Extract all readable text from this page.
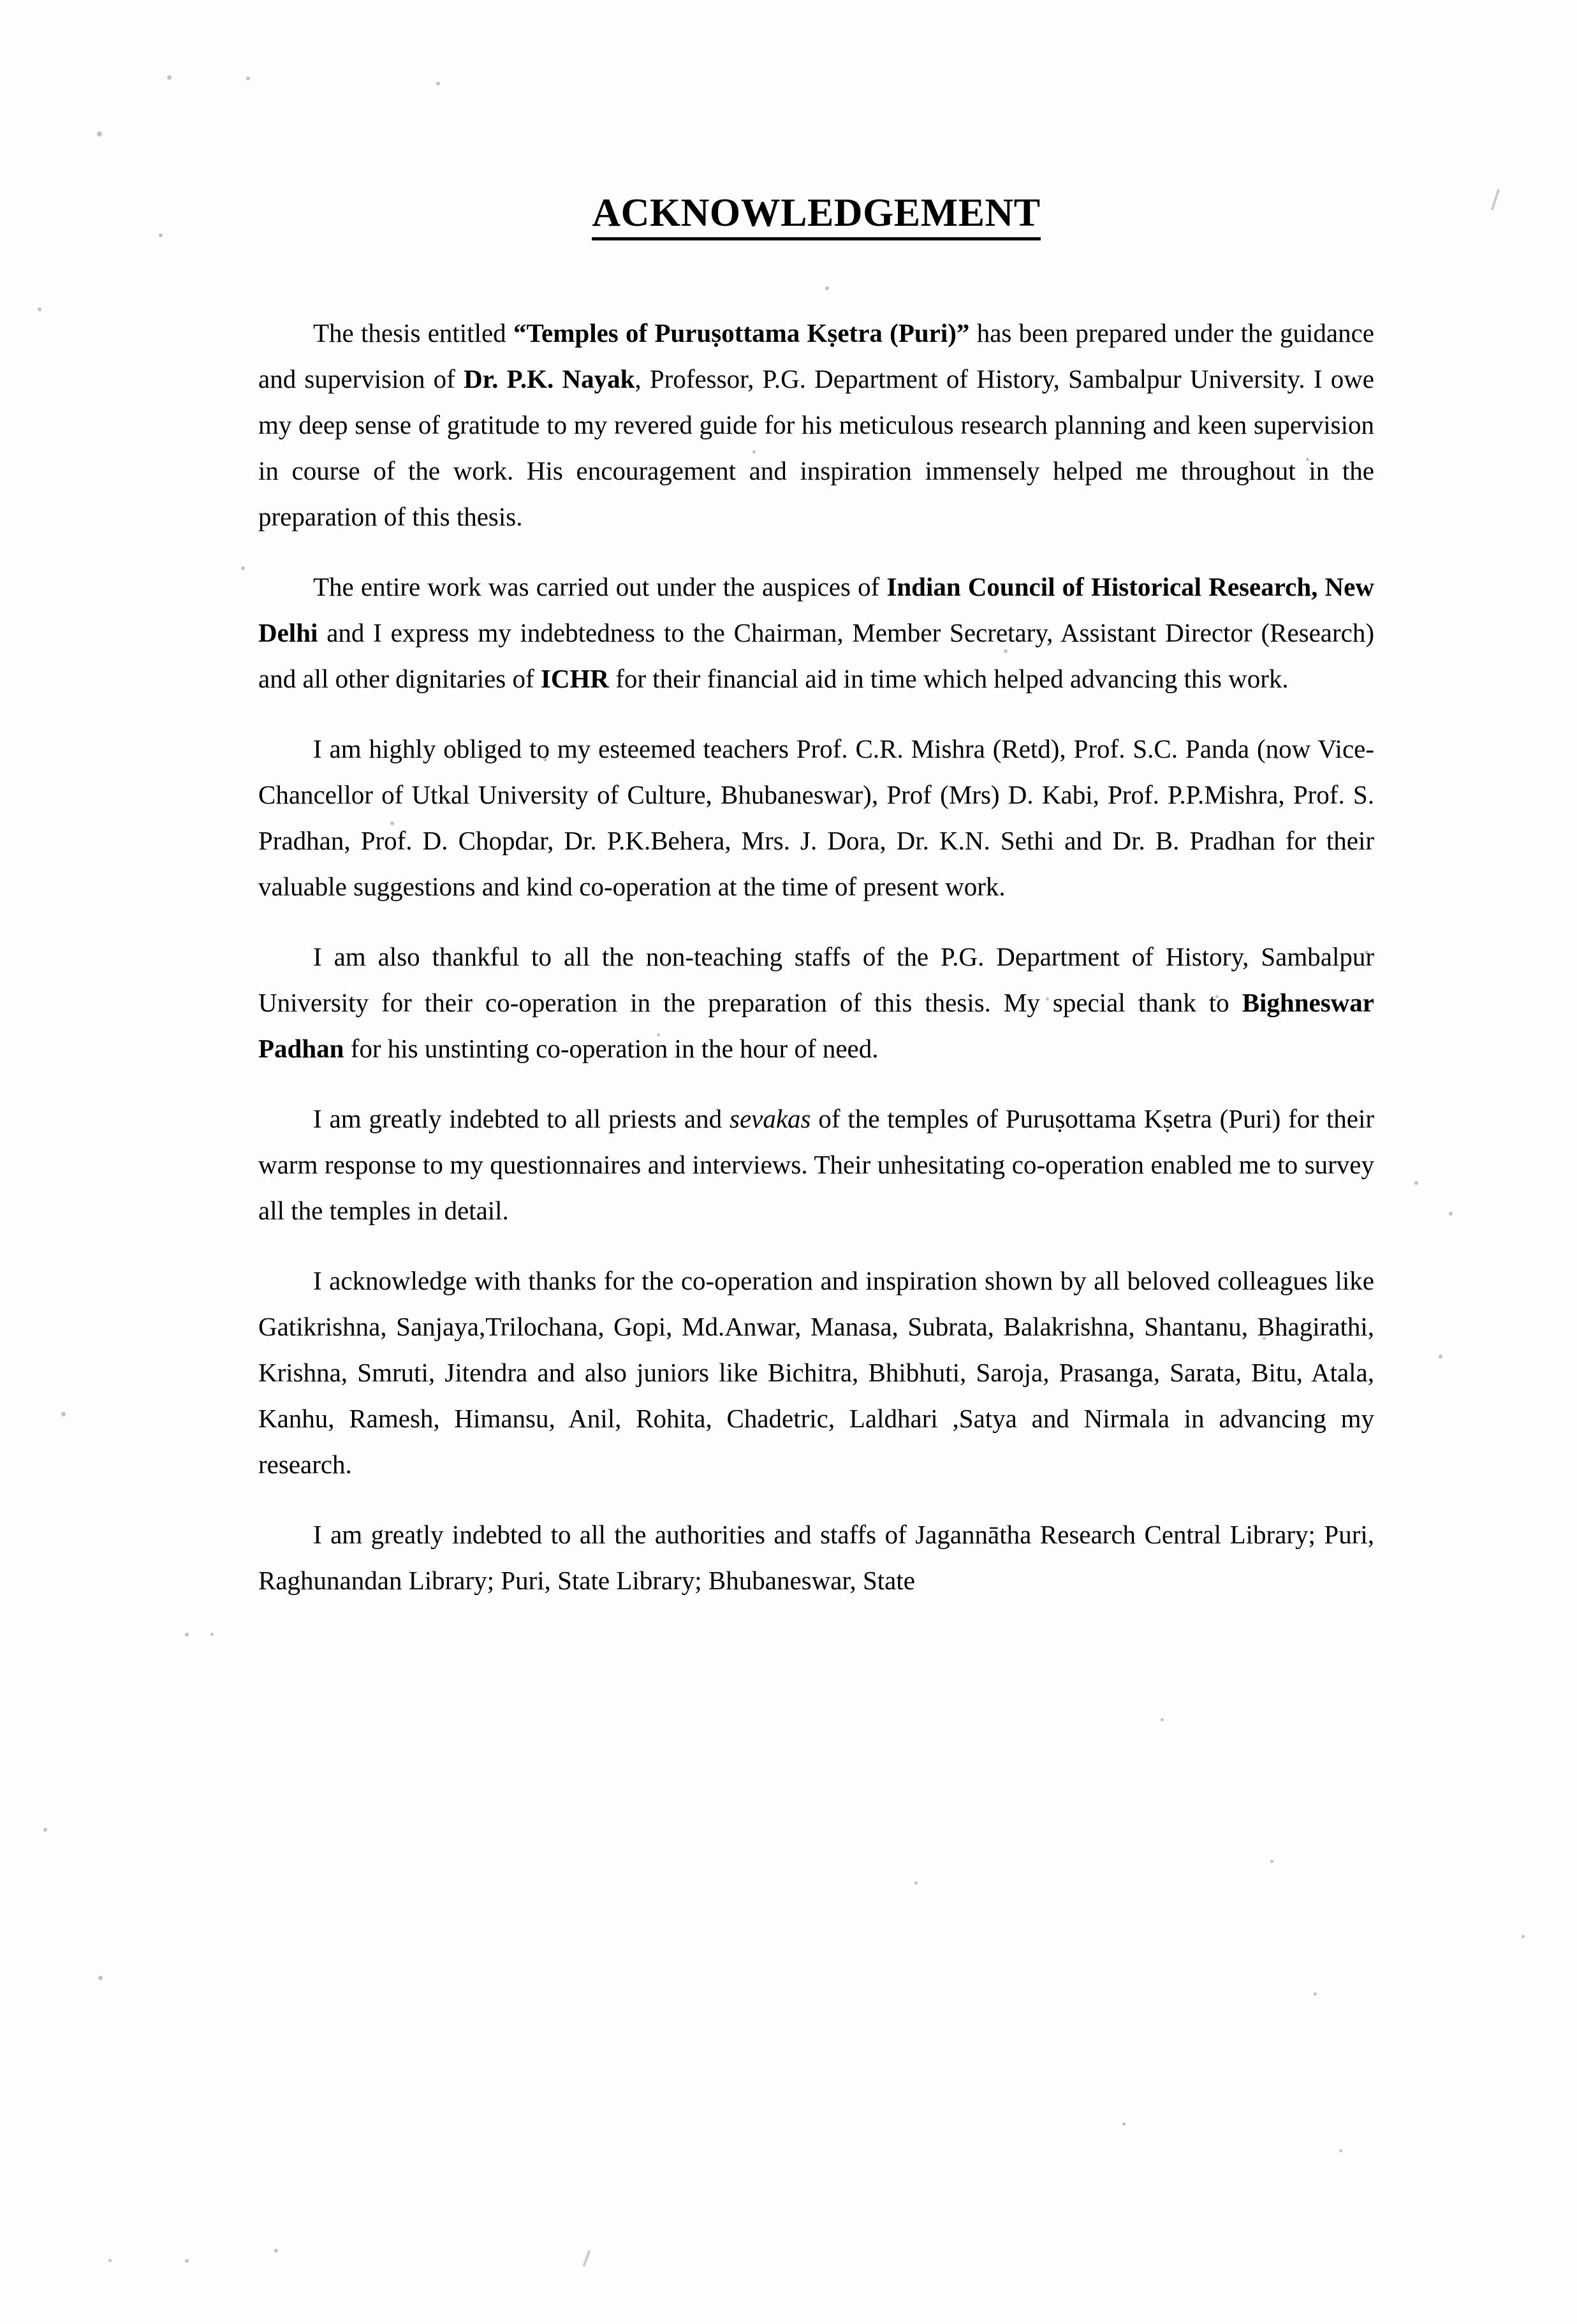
ACKNOWLEDGEMENT

The thesis entitled “Temples of Puruṣottama Kṣetra (Puri)” has been prepared under the guidance and supervision of Dr. P.K. Nayak, Professor, P.G. Department of History, Sambalpur University. I owe my deep sense of gratitude to my revered guide for his meticulous research planning and keen supervision in course of the work. His encouragement and inspiration immensely helped me throughout in the preparation of this thesis.

The entire work was carried out under the auspices of Indian Council of Historical Research, New Delhi and I express my indebtedness to the Chairman, Member Secretary, Assistant Director (Research) and all other dignitaries of ICHR for their financial aid in time which helped advancing this work.

I am highly obliged to my esteemed teachers Prof. C.R. Mishra (Retd), Prof. S.C. Panda (now Vice-Chancellor of Utkal University of Culture, Bhubaneswar), Prof (Mrs) D. Kabi, Prof. P.P.Mishra, Prof. S. Pradhan, Prof. D. Chopdar, Dr. P.K.Behera, Mrs. J. Dora, Dr. K.N. Sethi and Dr. B. Pradhan for their valuable suggestions and kind co-operation at the time of present work.

I am also thankful to all the non-teaching staffs of the P.G. Department of History, Sambalpur University for their co-operation in the preparation of this thesis. My special thank to Bighneswar Padhan for his unstinting co-operation in the hour of need.

I am greatly indebted to all priests and sevakas of the temples of Puruṣottama Kṣetra (Puri) for their warm response to my questionnaires and interviews. Their unhesitating co-operation enabled me to survey all the temples in detail.

I acknowledge with thanks for the co-operation and inspiration shown by all beloved colleagues like Gatikrishna, Sanjaya,Trilochana, Gopi, Md.Anwar, Manasa, Subrata, Balakrishna, Shantanu, Bhagirathi, Krishna, Smruti, Jitendra and also juniors like Bichitra, Bhibhuti, Saroja, Prasanga, Sarata, Bitu, Atala, Kanhu, Ramesh, Himansu, Anil, Rohita, Chadetric, Laldhari ,Satya and Nirmala in advancing my research.

I am greatly indebted to all the authorities and staffs of Jagannātha Research Central Library; Puri, Raghunandan Library; Puri, State Library; Bhubaneswar, State
